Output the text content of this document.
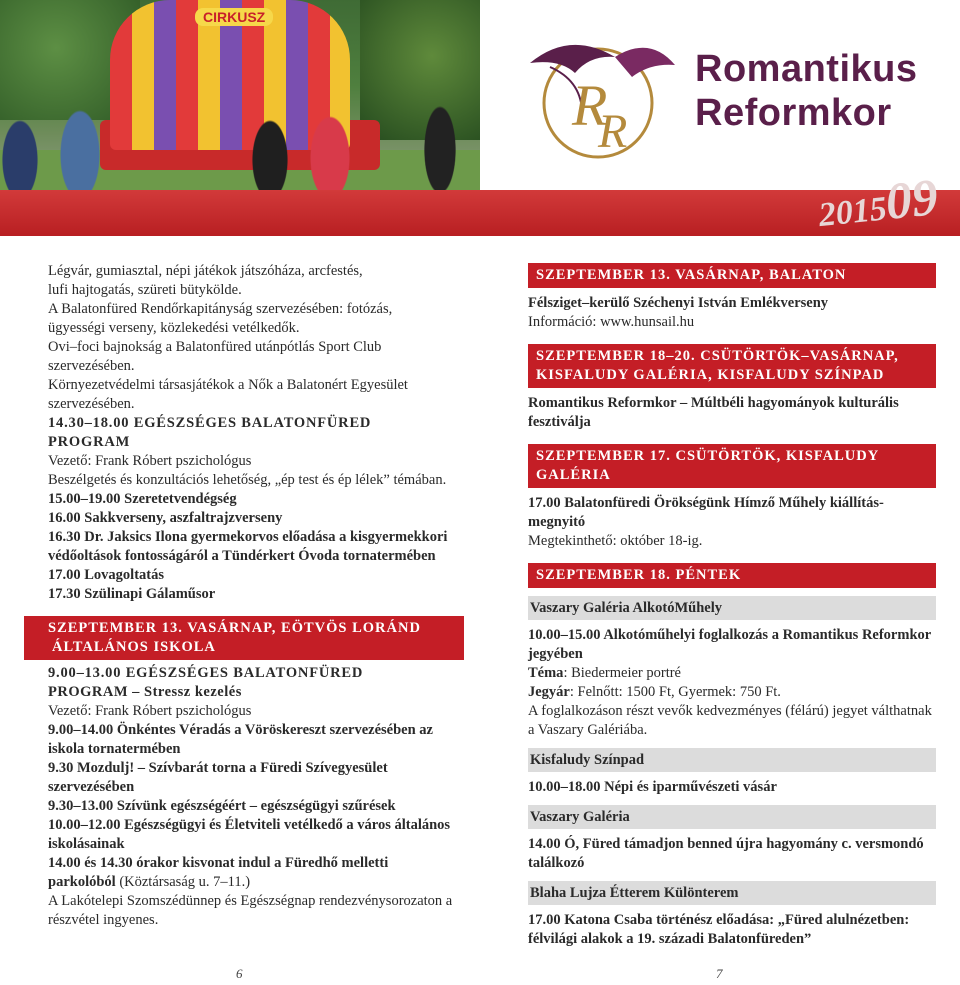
CIRKUSZ
R
R
Romantikus
Reformkor
201509

Légvár, gumiasztal, népi játékok játszóháza, arcfestés,

lufi hajtogatás, szüreti bütyköldе.

A Balatonfüred Rendőrkapitányság szervezésében: fotózás,

ügyességi verseny, közlekedési vetélkedők.

Ovi–foci bajnokság a Balatonfüred utánpótlás Sport Club

szervezésében.

Környezetvédelmi társasjátékok a Nők a Balatonért Egyesület

szervezésében.

14.30–18.00 EGÉSZSÉGES BALATONFÜRED

PROGRAM

Vezető: Frank Róbert pszichológus

Beszélgetés és konzultációs lehetőség, „ép test és ép lélek” témában.

15.00–19.00 Szeretetvendégség

16.00 Sakkverseny, aszfaltrajzverseny

16.30 Dr. Jaksics Ilona gyermekorvos előadása a kisgyermekkori védőoltások fontosságáról a Tündérkert Óvoda tornatermében

17.00 Lovagoltatás

17.30 Szülinapi Gálaműsor

SZEPTEMBER 13. VASÁRNAP, EÖTVÖS LORÁND
ÁLTALÁNOS ISKOLA

9.00–13.00 EGÉSZSÉGES BALATONFÜRED

PROGRAM – Stressz kezelés

Vezető: Frank Róbert pszichológus

9.00–14.00 Önkéntes Véradás a Vöröskereszt szervezésében az iskola tornatermében

9.30 Mozdulj! – Szívbarát torna a Füredi Szívegyesület szervezésében

9.30–13.00 Szívünk egészségéért – egészségügyi szűrések

10.00–12.00 Egészségügyi és Életviteli vetélkedő a város általános iskolásainak

14.00 és 14.30 órakor kisvonat indul a Füredhő melletti parkolóból (Köztársaság u. 7–11.)

A Lakótelepi Szomszédünnep és Egészségnap rendezvénysorozaton a részvétel ingyenes.

SZEPTEMBER 13. VASÁRNAP, BALATON

Félsziget–kerülő Széchenyi István Emlékverseny

Információ: www.hunsail.hu

SZEPTEMBER 18–20. CSÜTÖRTÖK–VASÁRNAP,
KISFALUDY GALÉRIA, KISFALUDY SZÍNPAD

Romantikus Reformkor – Múltbéli hagyományok kulturális fesztiválja

SZEPTEMBER 17. CSÜTÖRTÖK, KISFALUDY GALÉRIA

17.00 Balatonfüredi Örökségünk Hímző Műhely kiállítás-megnyitó

Megtekinthető: október 18-ig.

SZEPTEMBER 18. PÉNTEK
Vaszary Galéria AlkotóMűhely

10.00–15.00 Alkotóműhelyi foglalkozás a Romantikus Reformkor jegyében

Téma: Biedermeier portré

Jegyár: Felnőtt: 1500 Ft, Gyermek: 750 Ft.

A foglalkozáson részt vevők kedvezményes (félárú) jegyet válthatnak a Vaszary Galériába.

Kisfaludy Színpad

10.00–18.00 Népi és iparművészeti vásár

Vaszary Galéria

14.00 Ó, Füred támadjon benned újra hagyomány c. versmondó találkozó

Blaha Lujza Étterem Különterem

17.00 Katona Csaba történész előadása: „Füred alulnézetben: félvilági alakok a 19. századi Balatonfüreden”

6	7
